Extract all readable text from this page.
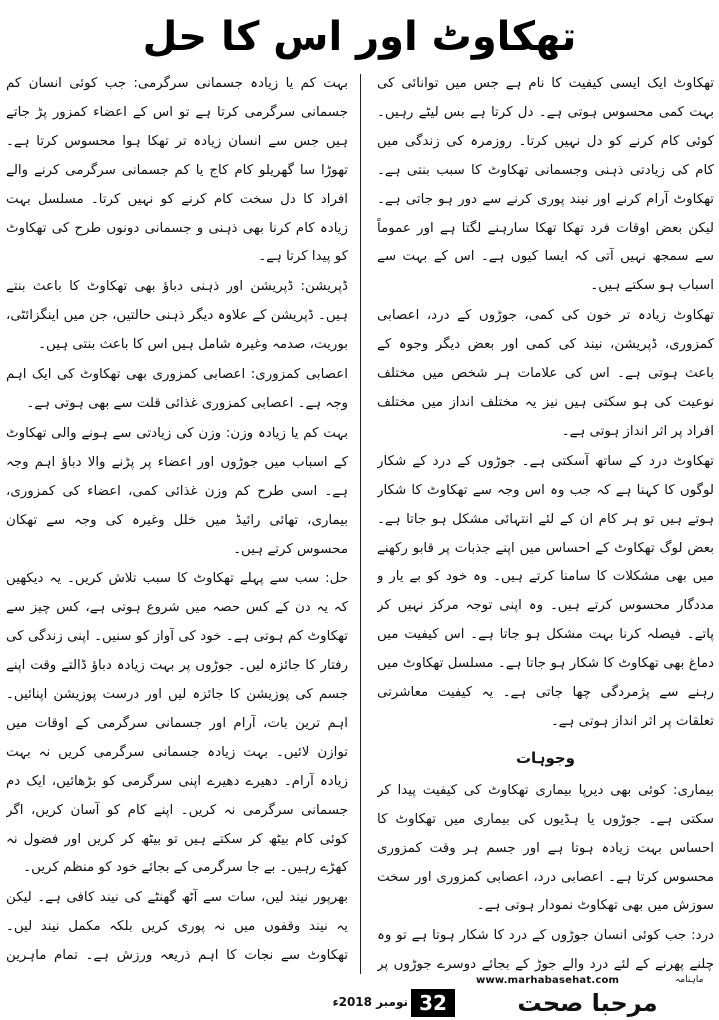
تھکاوٹ اور اس کا حل

تھکاوٹ ایک ایسی کیفیت کا نام ہے جس میں توانائی کی بہت کمی محسوس ہوتی ہے۔ دل کرتا ہے بس لیٹے رہیں۔ کوئی کام کرنے کو دل نہیں کرتا۔ روزمرہ کی زندگی میں کام کی زیادتی ذہنی وجسمانی تھکاوٹ کا سبب بنتی ہے۔ تھکاوٹ آرام کرنے اور نیند پوری کرنے سے دور ہو جاتی ہے۔ لیکن بعض اوقات فرد تھکا تھکا سارہنے لگتا ہے اور عموماً سے سمجھ نہیں آتی کہ ایسا کیوں ہے۔ اس کے بہت سے اسباب ہو سکتے ہیں۔

تھکاوٹ زیادہ تر خون کی کمی، جوڑوں کے درد، اعصابی کمزوری، ڈپریشن، نیند کی کمی اور بعض دیگر وجوہ کے باعث ہوتی ہے۔ اس کی علامات ہر شخص میں مختلف نوعیت کی ہو سکتی ہیں نیز یہ مختلف انداز میں مختلف افراد پر اثر انداز ہوتی ہے۔

تھکاوٹ درد کے ساتھ آسکتی ہے۔ جوڑوں کے درد کے شکار لوگوں کا کہنا ہے کہ جب وہ اس وجہ سے تھکاوٹ کا شکار ہوتے ہیں تو ہر کام ان کے لئے انتہائی مشکل ہو جاتا ہے۔ بعض لوگ تھکاوٹ کے احساس میں اپنے جذبات پر قابو رکھنے میں بھی مشکلات کا سامنا کرتے ہیں۔ وہ خود کو بے یار و مددگار محسوس کرتے ہیں۔ وہ اپنی توجہ مرکز نہیں کر پاتے۔ فیصلہ کرنا بہت مشکل ہو جاتا ہے۔ اس کیفیت میں دماغ بھی تھکاوٹ کا شکار ہو جاتا ہے۔ مسلسل تھکاوٹ میں رہنے سے پژمردگی چھا جاتی ہے۔ یہ کیفیت معاشرتی تعلقات پر اثر انداز ہوتی ہے۔

وجوہات

بیماری: کوئی بھی دیرپا بیماری تھکاوٹ کی کیفیت پیدا کر سکتی ہے۔ جوڑوں یا ہڈیوں کی بیماری میں تھکاوٹ کا احساس بہت زیادہ ہوتا ہے اور جسم ہر وقت کمزوری محسوس کرتا ہے۔ اعصابی درد، اعصابی کمزوری اور سخت سوزش میں بھی تھکاوٹ نمودار ہوتی ہے۔

درد: جب کوئی انسان جوڑوں کے درد کا شکار ہوتا ہے تو وہ چلنے پھرنے کے لئے درد والے جوڑ کے بجائے دوسرے جوڑوں پر

بہت کم یا زیادہ جسمانی سرگرمی: جب کوئی انسان کم جسمانی سرگرمی کرتا ہے تو اس کے اعضاء کمزور پڑ جاتے ہیں جس سے انسان زیادہ تر تھکا ہوا محسوس کرتا ہے۔ تھوڑا سا گھریلو کام کاج یا کم جسمانی سرگرمی کرنے والے افراد کا دل سخت کام کرنے کو نہیں کرتا۔ مسلسل بہت زیادہ کام کرنا بھی ذہنی و جسمانی دونوں طرح کی تھکاوٹ کو پیدا کرتا ہے۔

ڈپریشن: ڈپریشن اور ذہنی دباؤ بھی تھکاوٹ کا باعث بنتے ہیں۔ ڈپریشن کے علاوہ دیگر ذہنی حالتیں، جن میں اینگزائٹی، بوریت، صدمہ وغیرہ شامل ہیں اس کا باعث بنتی ہیں۔

اعصابی کمزوری: اعصابی کمزوری بھی تھکاوٹ کی ایک اہم وجہ ہے۔ اعصابی کمزوری غذائی قلت سے بھی ہوتی ہے۔

بہت کم یا زیادہ وزن: وزن کی زیادتی سے ہونے والی تھکاوٹ کے اسباب میں جوڑوں اور اعضاء پر پڑنے والا دباؤ اہم وجہ ہے۔ اسی طرح کم وزن غذائی کمی، اعضاء کی کمزوری، بیماری، تھائی رائیڈ میں خلل وغیرہ کی وجہ سے تھکان محسوس کرتے ہیں۔

حل: سب سے پہلے تھکاوٹ کا سبب تلاش کریں۔ یہ دیکھیں کہ یہ دن کے کس حصہ میں شروع ہوتی ہے، کس چیز سے تھکاوٹ کم ہوتی ہے۔ خود کی آواز کو سنیں۔ اپنی زندگی کی رفتار کا جائزہ لیں۔ جوڑوں پر بہت زیادہ دباؤ ڈالتے وقت اپنے جسم کی پوزیشن کا جائزہ لیں اور درست پوزیشن اپنائیں۔ اہم ترین بات، آرام اور جسمانی سرگرمی کے اوقات میں توازن لائیں۔ بہت زیادہ جسمانی سرگرمی کریں نہ بہت زیادہ آرام۔ دھیرے دھیرے اپنی سرگرمی کو بڑھائیں، ایک دم جسمانی سرگرمی نہ کریں۔ اپنے کام کو آسان کریں، اگر کوئی کام بیٹھ کر سکتے ہیں تو بیٹھ کر کریں اور فضول نہ کھڑے رہیں۔ بے جا سرگرمی کے بجائے خود کو منظم کریں۔

بھرپور نیند لیں، سات سے آٹھ گھنٹے کی نیند کافی ہے۔ لیکن یہ نیند وقفوں میں نہ پوری کریں بلکہ مکمل نیند لیں۔ تھکاوٹ سے نجات کا اہم ذریعہ ورزش ہے۔ تمام ماہرین

www.marhabasehat.com	ماہنامہ
مرحبا صحت
32
نومبر 2018ء
